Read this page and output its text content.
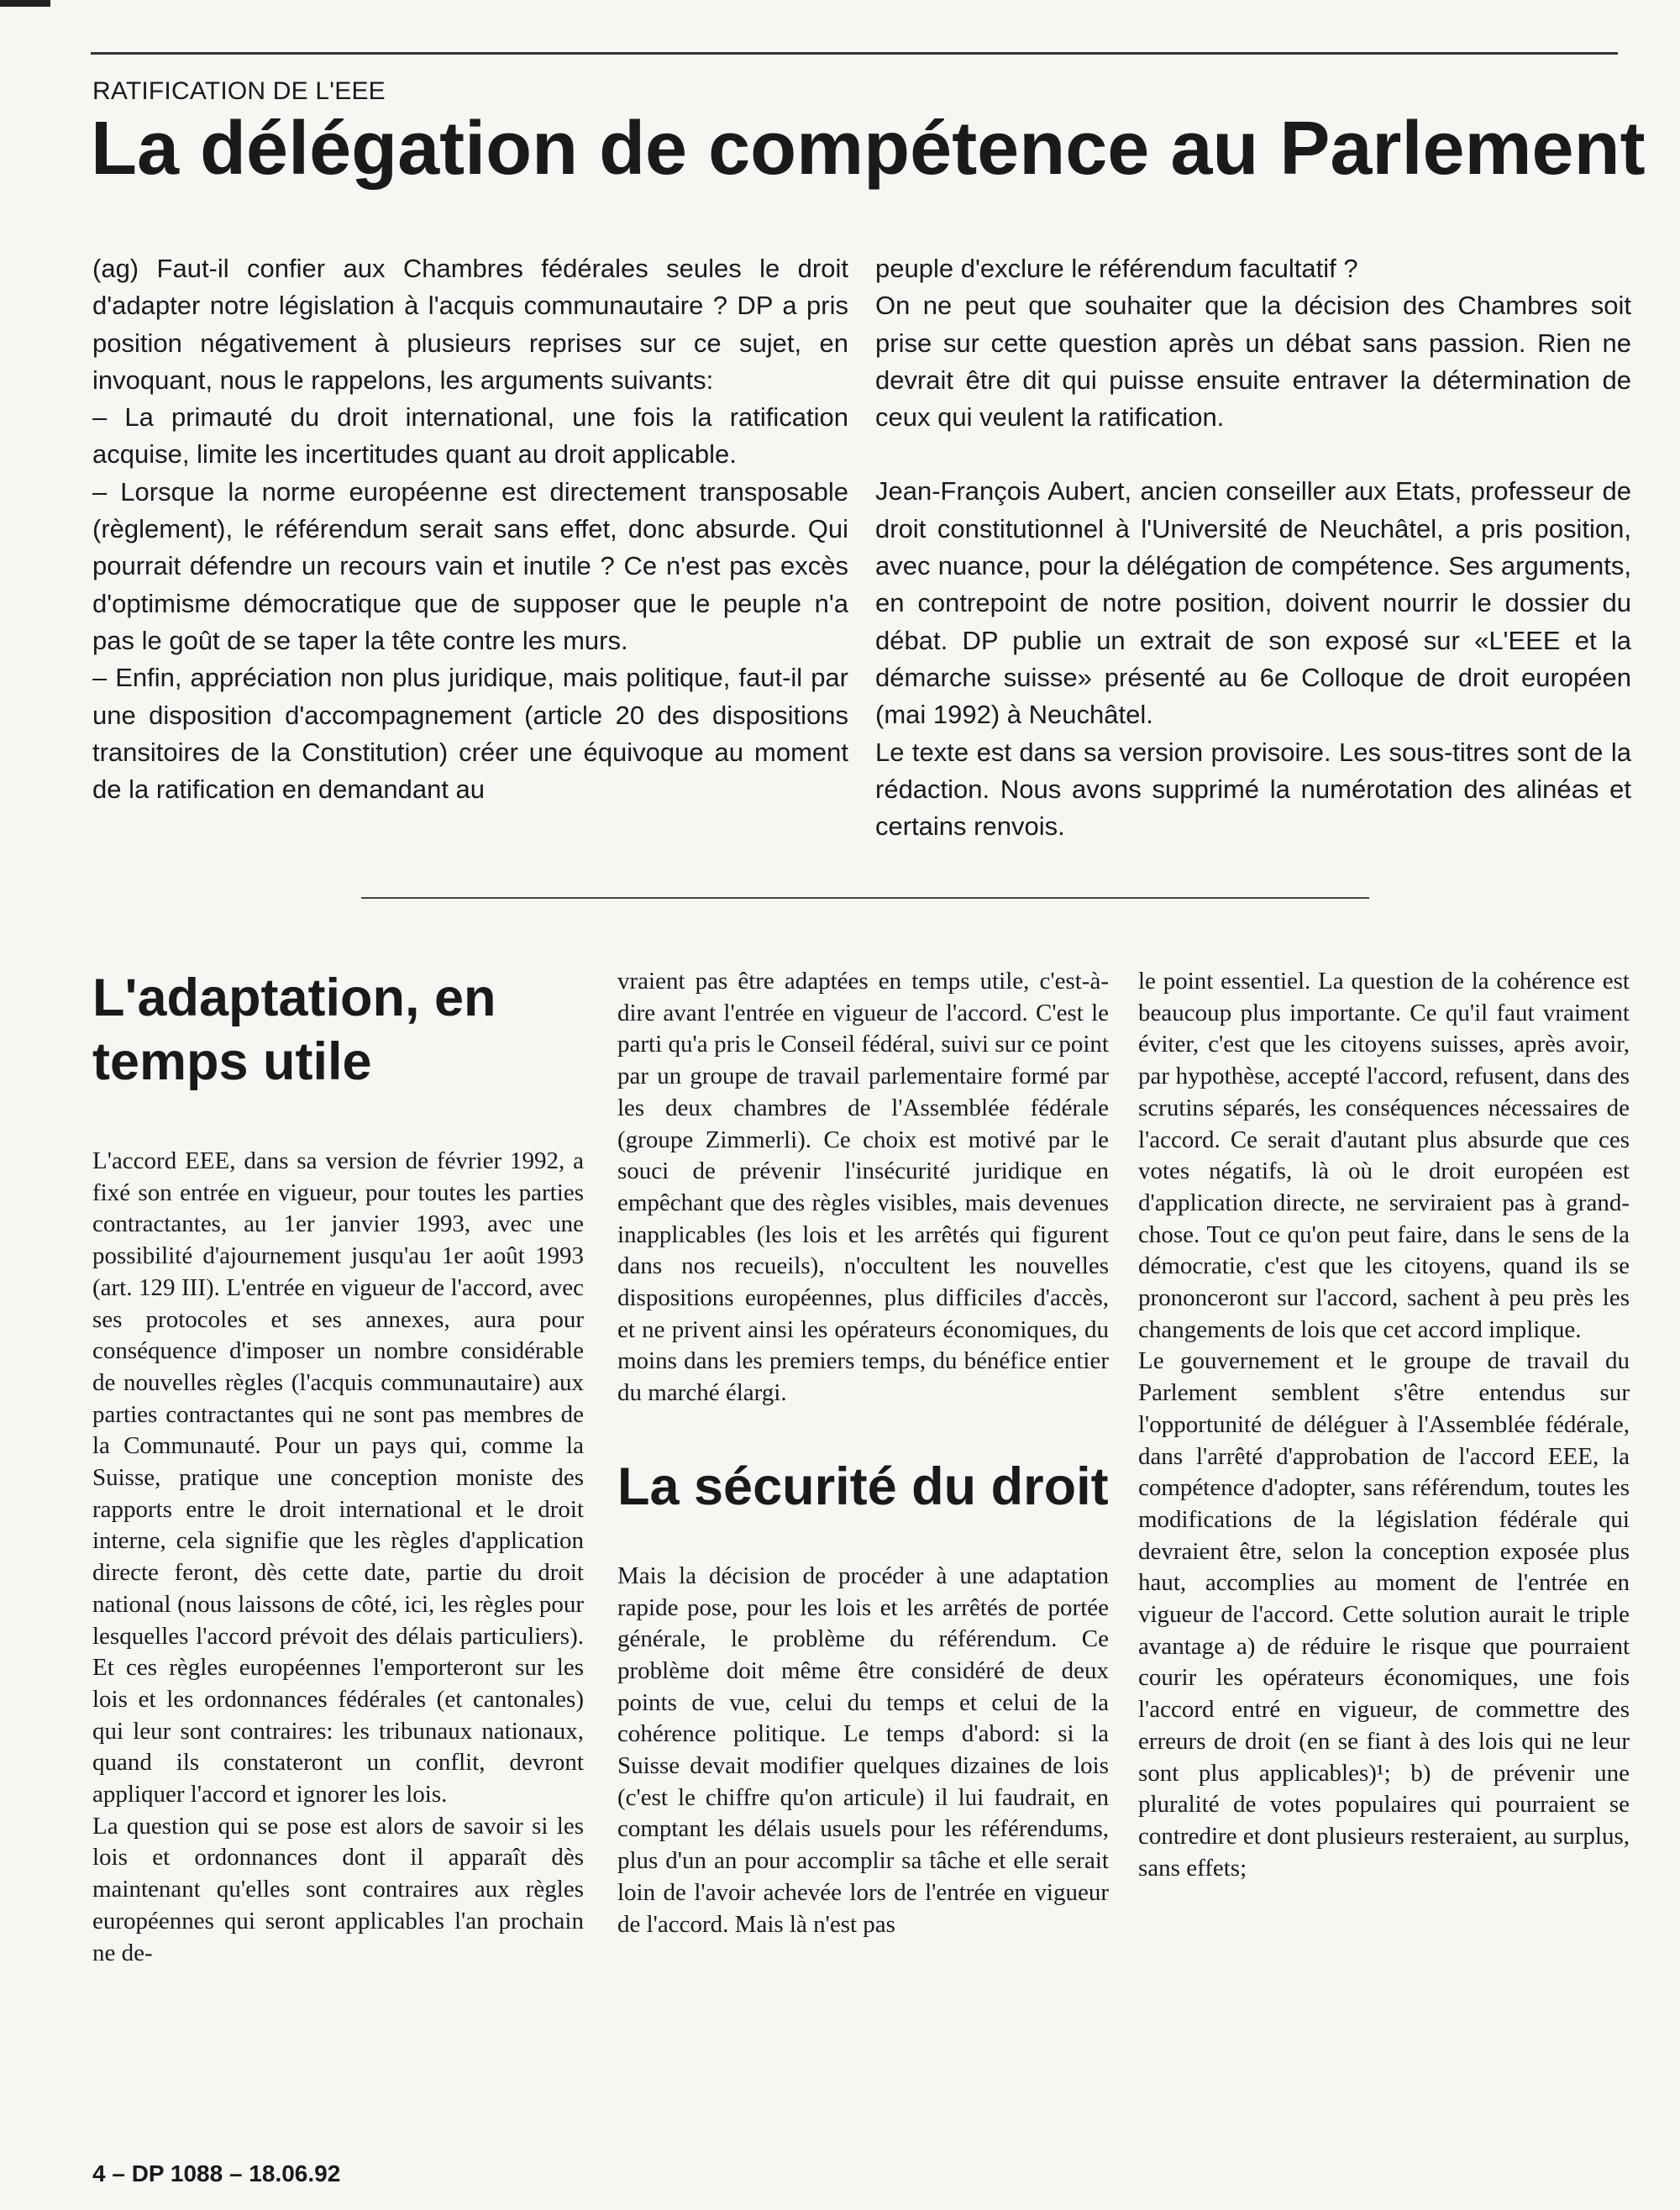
RATIFICATION DE L'EEE
La délégation de compétence au Parlement

(ag) Faut-il confier aux Chambres fédérales seules le droit d'adapter notre législation à l'acquis communautaire ? DP a pris position négativement à plusieurs reprises sur ce sujet, en invoquant, nous le rappelons, les arguments suivants:

– La primauté du droit international, une fois la ratification acquise, limite les incertitudes quant au droit applicable.

– Lorsque la norme européenne est directement transposable (règlement), le référendum serait sans effet, donc absurde. Qui pourrait défendre un recours vain et inutile ? Ce n'est pas excès d'optimisme démocratique que de supposer que le peuple n'a pas le goût de se taper la tête contre les murs.

– Enfin, appréciation non plus juridique, mais politique, faut-il par une disposition d'accompagnement (article 20 des dispositions transitoires de la Constitution) créer une équivoque au moment de la ratification en demandant au

peuple d'exclure le référendum facultatif ?

On ne peut que souhaiter que la décision des Chambres soit prise sur cette question après un débat sans passion. Rien ne devrait être dit qui puisse ensuite entraver la détermination de ceux qui veulent la ratification.

Jean-François Aubert, ancien conseiller aux Etats, professeur de droit constitutionnel à l'Université de Neuchâtel, a pris position, avec nuance, pour la délégation de compétence. Ses arguments, en contrepoint de notre position, doivent nourrir le dossier du débat. DP publie un extrait de son exposé sur «L'EEE et la démarche suisse» présenté au 6e Colloque de droit européen (mai 1992) à Neuchâtel.

Le texte est dans sa version provisoire. Les sous-titres sont de la rédaction. Nous avons supprimé la numérotation des alinéas et certains renvois.

L'adaptation, en temps utile

L'accord EEE, dans sa version de février 1992, a fixé son entrée en vigueur, pour toutes les parties contractantes, au 1er janvier 1993, avec une possibilité d'ajournement jusqu'au 1er août 1993 (art. 129 III). L'entrée en vigueur de l'accord, avec ses protocoles et ses annexes, aura pour conséquence d'imposer un nombre considérable de nouvelles règles (l'acquis communautaire) aux parties contractantes qui ne sont pas membres de la Communauté. Pour un pays qui, comme la Suisse, pratique une conception moniste des rapports entre le droit international et le droit interne, cela signifie que les règles d'application directe feront, dès cette date, partie du droit national (nous laissons de côté, ici, les règles pour lesquelles l'accord prévoit des délais particuliers). Et ces règles européennes l'emporteront sur les lois et les ordonnances fédérales (et cantonales) qui leur sont contraires: les tribunaux nationaux, quand ils constateront un conflit, devront appliquer l'accord et ignorer les lois.

La question qui se pose est alors de savoir si les lois et ordonnances dont il apparaît dès maintenant qu'elles sont contraires aux règles européennes qui seront applicables l'an prochain ne de-

vraient pas être adaptées en temps utile, c'est-à-dire avant l'entrée en vigueur de l'accord. C'est le parti qu'a pris le Conseil fédéral, suivi sur ce point par un groupe de travail parlementaire formé par les deux chambres de l'Assemblée fédérale (groupe Zimmerli). Ce choix est motivé par le souci de prévenir l'insécurité juridique en empêchant que des règles visibles, mais devenues inapplicables (les lois et les arrêtés qui figurent dans nos recueils), n'occultent les nouvelles dispositions européennes, plus difficiles d'accès, et ne privent ainsi les opérateurs économiques, du moins dans les premiers temps, du bénéfice entier du marché élargi.

La sécurité du droit

Mais la décision de procéder à une adaptation rapide pose, pour les lois et les arrêtés de portée générale, le problème du référendum. Ce problème doit même être considéré de deux points de vue, celui du temps et celui de la cohérence politique. Le temps d'abord: si la Suisse devait modifier quelques dizaines de lois (c'est le chiffre qu'on articule) il lui faudrait, en comptant les délais usuels pour les référendums, plus d'un an pour accomplir sa tâche et elle serait loin de l'avoir achevée lors de l'entrée en vigueur de l'accord. Mais là n'est pas

le point essentiel. La question de la cohérence est beaucoup plus importante. Ce qu'il faut vraiment éviter, c'est que les citoyens suisses, après avoir, par hypothèse, accepté l'accord, refusent, dans des scrutins séparés, les conséquences nécessaires de l'accord. Ce serait d'autant plus absurde que ces votes négatifs, là où le droit européen est d'application directe, ne serviraient pas à grand-chose. Tout ce qu'on peut faire, dans le sens de la démocratie, c'est que les citoyens, quand ils se prononceront sur l'accord, sachent à peu près les changements de lois que cet accord implique.

Le gouvernement et le groupe de travail du Parlement semblent s'être entendus sur l'opportunité de déléguer à l'Assemblée fédérale, dans l'arrêté d'approbation de l'accord EEE, la compétence d'adopter, sans référendum, toutes les modifications de la législation fédérale qui devraient être, selon la conception exposée plus haut, accomplies au moment de l'entrée en vigueur de l'accord. Cette solution aurait le triple avantage a) de réduire le risque que pourraient courir les opérateurs économiques, une fois l'accord entré en vigueur, de commettre des erreurs de droit (en se fiant à des lois qui ne leur sont plus applicables)¹; b) de prévenir une pluralité de votes populaires qui pourraient se contredire et dont plusieurs resteraient, au surplus, sans effets;

4 – DP 1088 – 18.06.92
